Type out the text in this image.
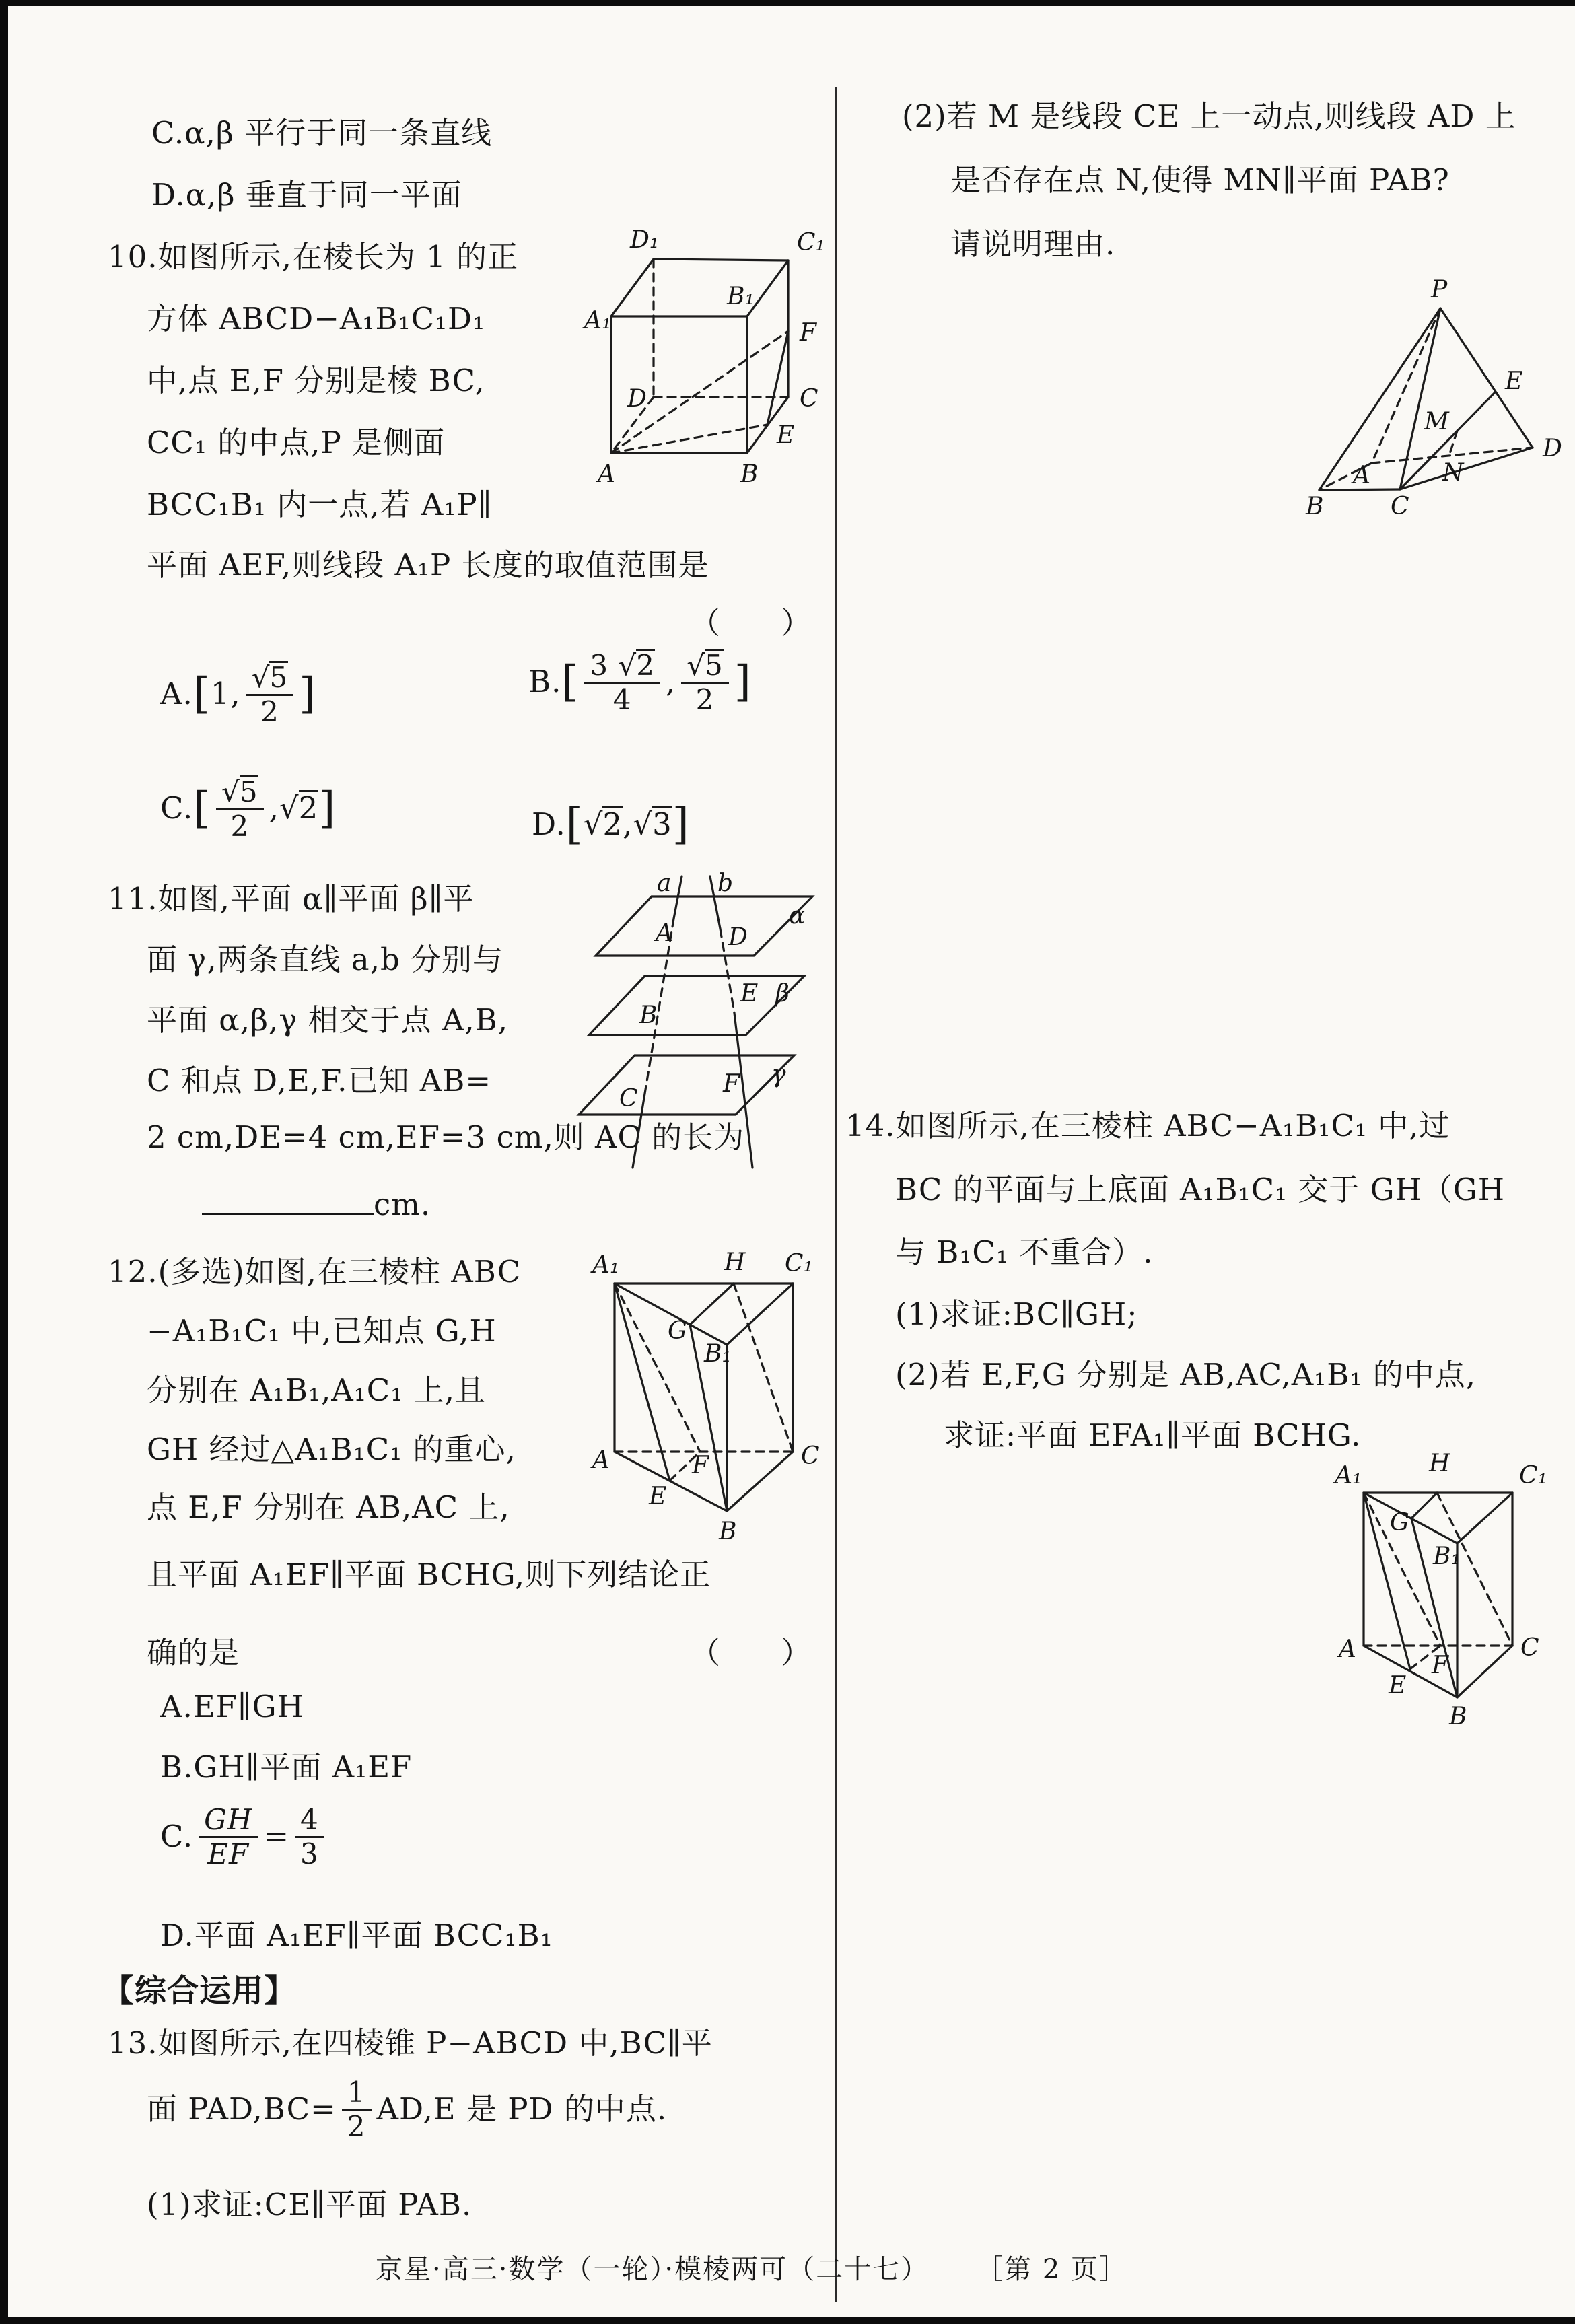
C.α,β 平行于同一条直线
D.α,β 垂直于同一平面
10.如图所示,在棱长为 1 的正
方体 ABCD−A₁B₁C₁D₁
中,点 E,F 分别是棱 BC,
CC₁ 的中点,P 是侧面
BCC₁B₁ 内一点,若 A₁P∥
平面 AEF,则线段 A₁P 长度的取值范围是
（　　）
A. [ 1, $\frac{√5}{2}$ ]	B. [ $\frac{3 √2}{4}$ , $\frac{√5}{2}$ ]
C. [ $\frac{√5}{2}$ , √2 ]	D. [ √2 , √3 ]
11.如图,平面 α∥平面 β∥平
面 γ,两条直线 a,b 分别与
平面 α,β,γ 相交于点 A,B,
C 和点 D,E,F.已知 AB=
2 cm,DE=4 cm,EF=3 cm,则 AC 的长为
cm.
12.(多选)如图,在三棱柱 ABC
−A₁B₁C₁ 中,已知点 G,H
分别在 A₁B₁,A₁C₁ 上,且
GH 经过△A₁B₁C₁ 的重心,
点 E,F 分别在 AB,AC 上,
且平面 A₁EF∥平面 BCHG,则下列结论正
确的是	（　　）
A.EF∥GH
B.GH∥平面 A₁EF
C. $\frac{GH}{EF} = \frac{4}{3}$
D.平面 A₁EF∥平面 BCC₁B₁
【综合运用】
13.如图所示,在四棱锥 P−ABCD 中,BC∥平
面 $PAD,BC= \frac{1}{2} AD,E$ 是 PD 的中点.
(1)求证:CE∥平面 PAB.
京星·高三·数学（一轮）·模棱两可（二十七） ［第 2 页］
(2)若 M 是线段 CE 上一动点,则线段 AD 上
是否存在点 N,使得 MN∥平面 PAB?
请说明理由.
14.如图所示,在三棱柱 ABC−A₁B₁C₁ 中,过
BC 的平面与上底面 A₁B₁C₁ 交于 GH（GH
与 B₁C₁ 不重合）.
(1)求证:BC∥GH;
(2)若 E,F,G 分别是 AB,AC,A₁B₁ 的中点,
求证:平面 EFA₁∥平面 BCHG.
D₁	C₁
A₁
B₁
F
D	C
E
A	B
a b
α
A D
β
B
E
γ
C
F
A₁	H C₁
G
B₁
A	C
F
E
B
P
E
M
D
N
A
B	C
A₁	H	C₁
G
B₁
A	C
F
E
B
